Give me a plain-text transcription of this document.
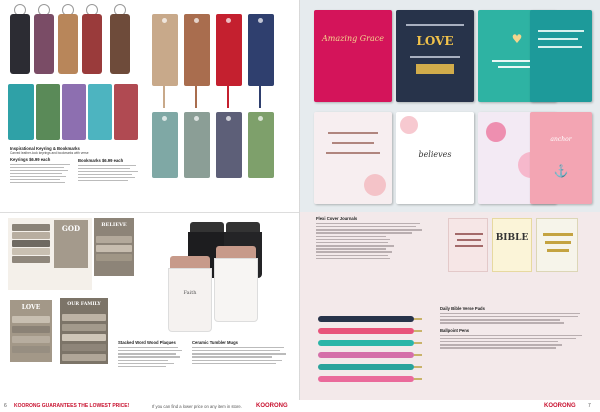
Inspirational Keyring & Bookmarks
Carved leather-look keyrings and bookmarks with verse
Keyrings $6.99 each	Bookmarks $6.99 each
GOD	BELIEVE
LOVE	OUR FAMILY
Faith
Stacked Word Wood Plaques	Ceramic Tumbler Mugs
Amazing Grace	LOVE	♥
believes
anchor
⚓
Flexi Cover Journals
BIBLE
Daily Bible Verse Pads
Ballpoint Pens
6 KOORONG GUARANTEES THE LOWEST PRICE!	If you can find a lower price on any item in store. KOORONG	KOORONG 7
